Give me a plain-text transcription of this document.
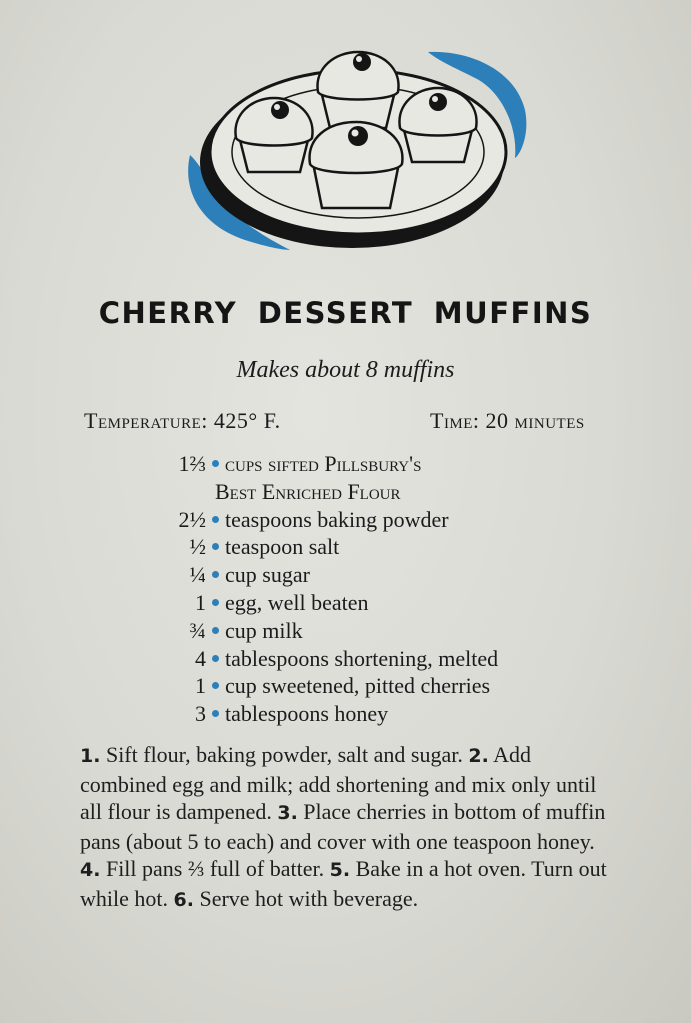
CHERRY DESSERT MUFFINS
Makes about 8 muffins
Temperature: 425° F.	Time: 20 minutes
1⅔ cups sifted Pillsbury's
Best Enriched Flour
2½ teaspoons baking powder
½ teaspoon salt
¼ cup sugar
1 egg, well beaten
¾ cup milk
4 tablespoons shortening, melted
1 cup sweetened, pitted cherries
3 tablespoons honey
1. Sift flour, baking powder, salt and sugar. 2. Add combined egg and milk; add shortening and mix only until all flour is dampened. 3. Place cherries in bottom of muffin pans (about 5 to each) and cover with one teaspoon honey. 4. Fill pans ⅔ full of batter. 5. Bake in a hot oven. Turn out while hot. 6. Serve hot with beverage.
